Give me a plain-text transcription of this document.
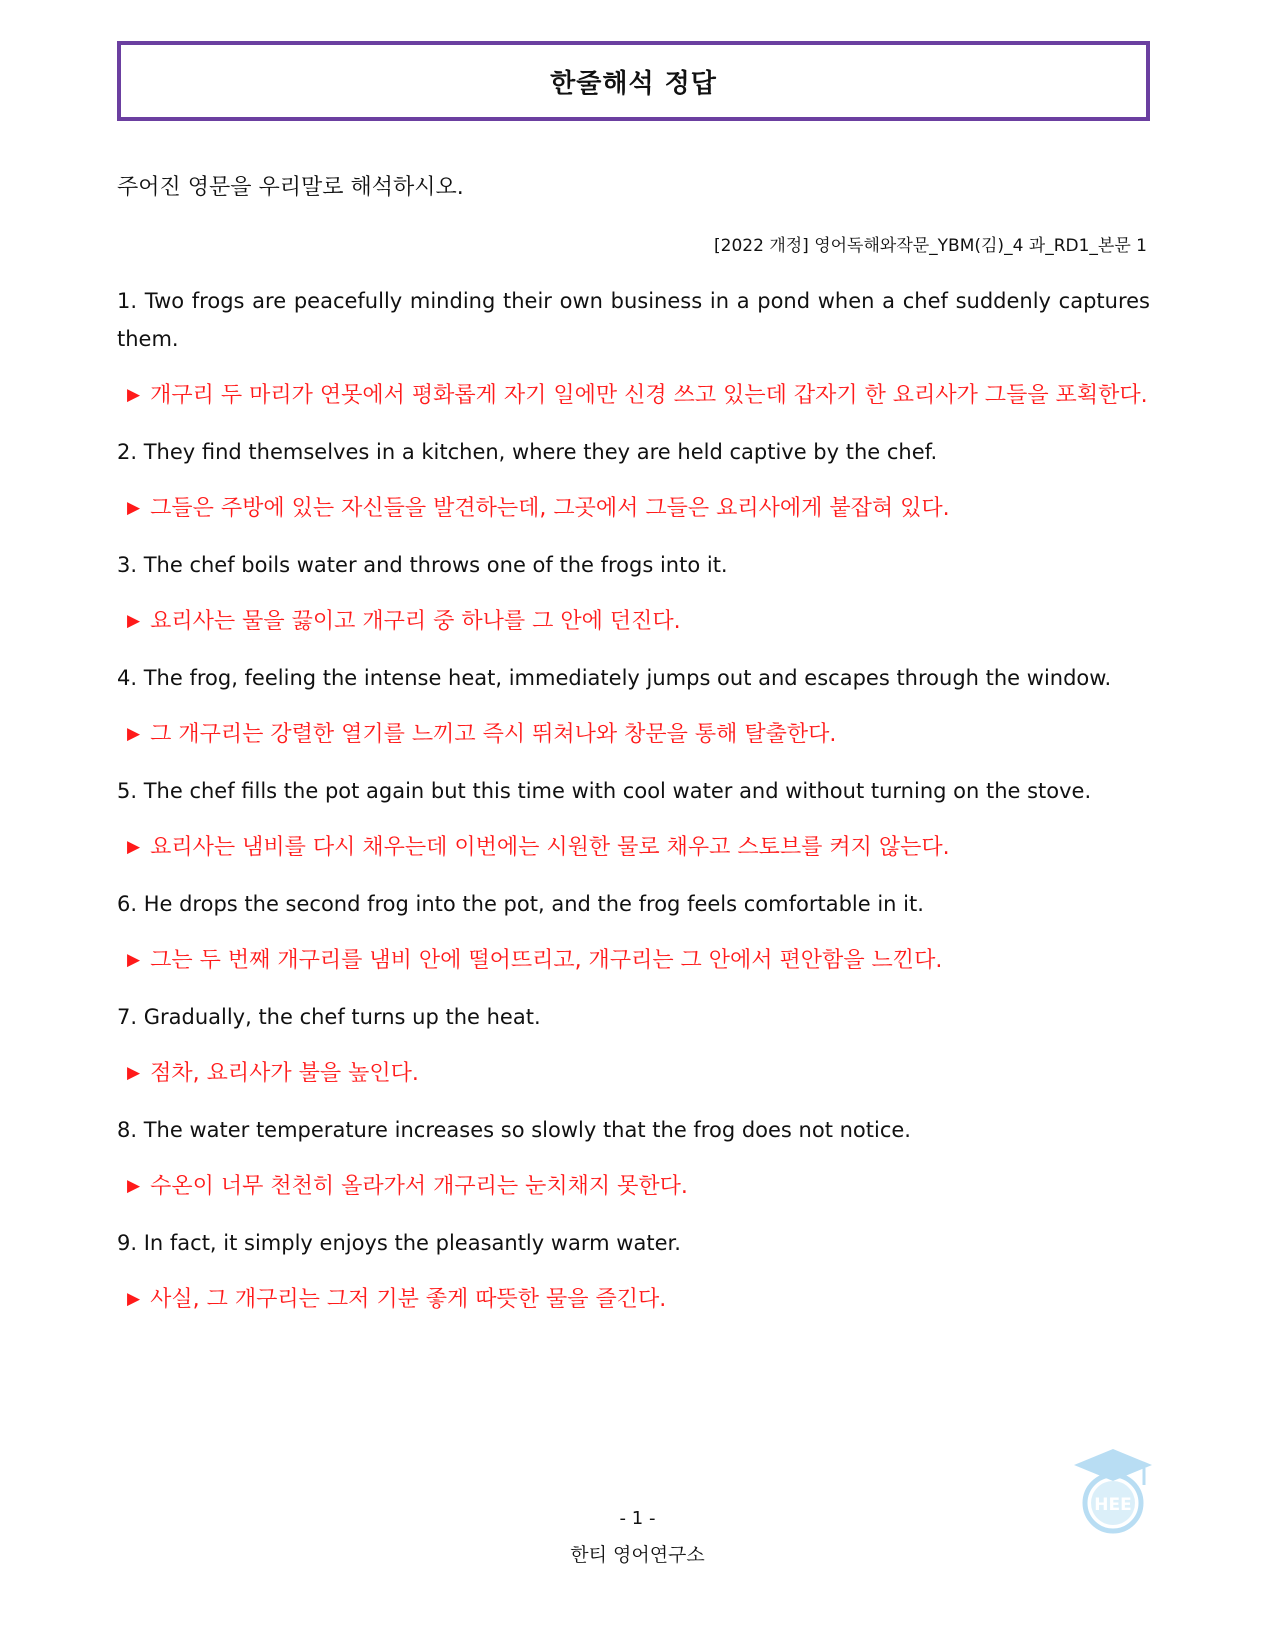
한줄해석 정답
주어진 영문을 우리말로 해석하시오.
[2022 개정] 영어독해와작문_YBM(김)_4 과_RD1_본문 1

1. Two frogs are peacefully minding their own business in a pond when a chef suddenly captures them.

▶ 개구리 두 마리가 연못에서 평화롭게 자기 일에만 신경 쓰고 있는데 갑자기 한 요리사가 그들을 포획한다.

2. They find themselves in a kitchen, where they are held captive by the chef.

▶ 그들은 주방에 있는 자신들을 발견하는데, 그곳에서 그들은 요리사에게 붙잡혀 있다.

3. The chef boils water and throws one of the frogs into it.

▶ 요리사는 물을 끓이고 개구리 중 하나를 그 안에 던진다.

4. The frog, feeling the intense heat, immediately jumps out and escapes through the window.

▶ 그 개구리는 강렬한 열기를 느끼고 즉시 뛰쳐나와 창문을 통해 탈출한다.

5. The chef fills the pot again but this time with cool water and without turning on the stove.

▶ 요리사는 냄비를 다시 채우는데 이번에는 시원한 물로 채우고 스토브를 켜지 않는다.

6. He drops the second frog into the pot, and the frog feels comfortable in it.

▶ 그는 두 번째 개구리를 냄비 안에 떨어뜨리고, 개구리는 그 안에서 편안함을 느낀다.

7. Gradually, the chef turns up the heat.

▶ 점차, 요리사가 불을 높인다.

8. The water temperature increases so slowly that the frog does not notice.

▶ 수온이 너무 천천히 올라가서 개구리는 눈치채지 못한다.

9. In fact, it simply enjoys the pleasantly warm water.

▶ 사실, 그 개구리는 그저 기분 좋게 따뜻한 물을 즐긴다.

HEE
- 1 -
한티 영어연구소
